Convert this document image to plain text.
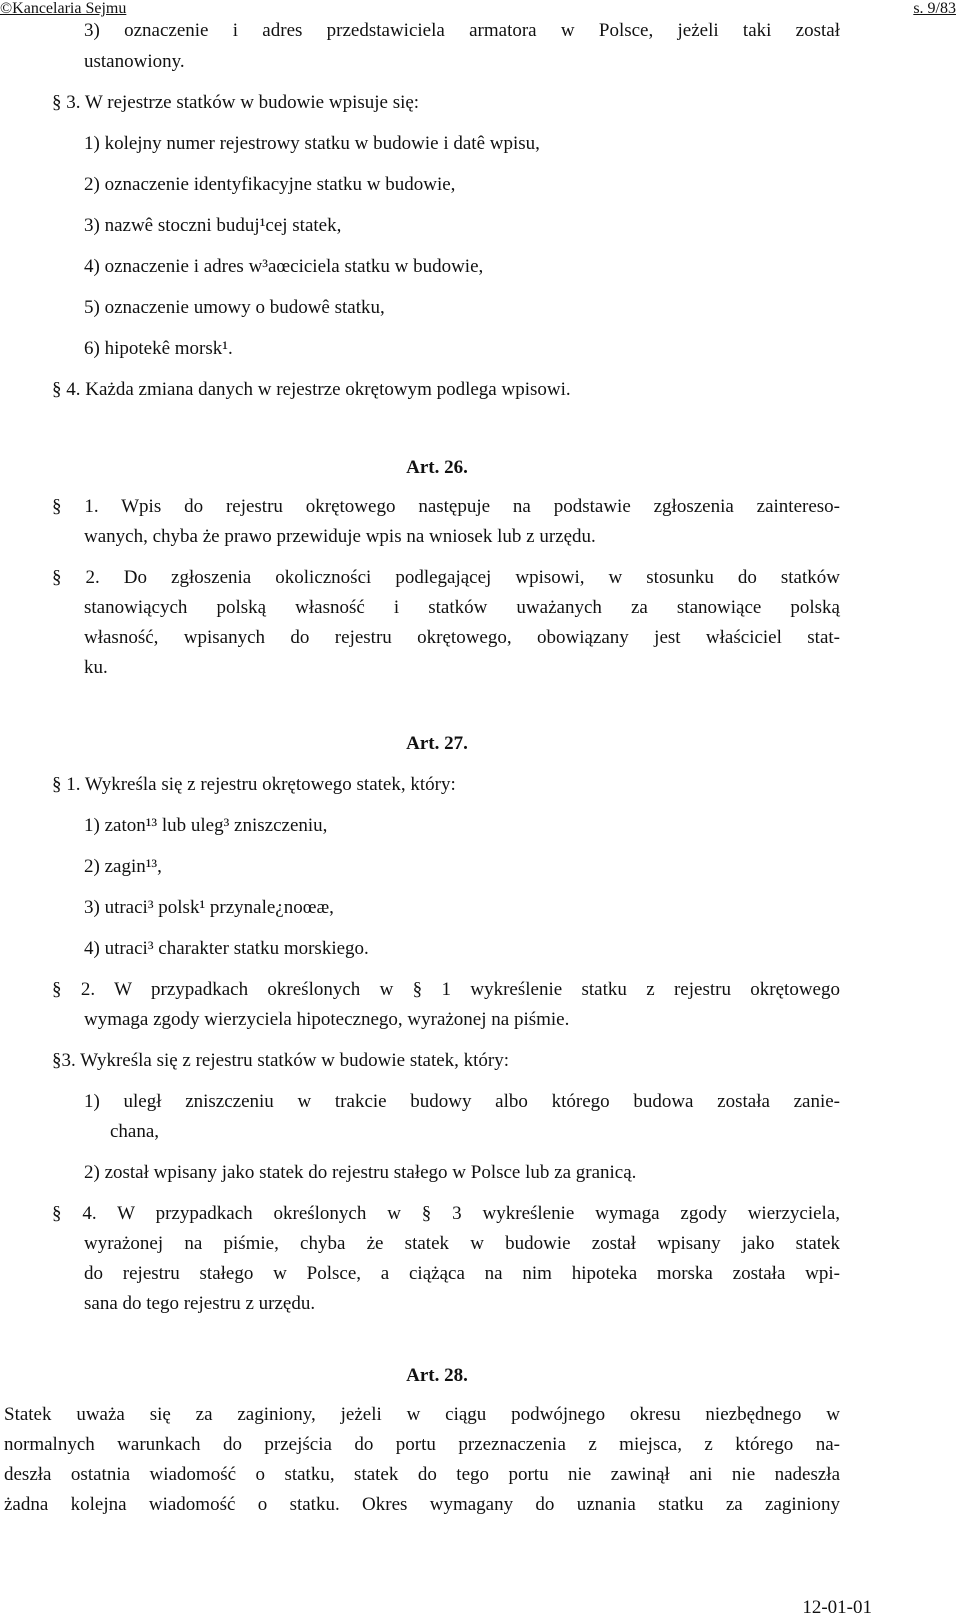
©Kancelaria Sejmu	s. 9/83
3) oznaczenie i adres przedstawiciela armatora w Polsce, jeżeli taki został
ustanowiony.
§ 3. W rejestrze statków w budowie wpisuje się:
1) kolejny numer rejestrowy statku w budowie i datê wpisu,
2) oznaczenie identyfikacyjne statku w budowie,
3) nazwê stoczni buduj¹cej statek,
4) oznaczenie i adres w³aœciciela statku w budowie,
5) oznaczenie umowy o budowê statku,
6) hipotekê morsk¹.
§ 4. Każda zmiana danych w rejestrze okrętowym podlega wpisowi.
Art. 26.
§ 1. Wpis do rejestru okrętowego następuje na podstawie zgłoszenia zaintereso-
wanych, chyba że prawo przewiduje wpis na wniosek lub z urzędu.
§ 2. Do zgłoszenia okoliczności podlegającej wpisowi, w stosunku do statków
stanowiących polską własność i statków uważanych za stanowiące polską
własność, wpisanych do rejestru okrętowego, obowiązany jest właściciel stat-
ku.
Art. 27.
§ 1. Wykreśla się z rejestru okrętowego statek, który:
1) zaton¹³ lub uleg³ zniszczeniu,
2) zagin¹³,
3) utraci³ polsk¹ przynale¿noœæ,
4) utraci³ charakter statku morskiego.
§ 2. W przypadkach określonych w § 1 wykreślenie statku z rejestru okrętowego
wymaga zgody wierzyciela hipotecznego, wyrażonej na piśmie.
§3. Wykreśla się z rejestru statków w budowie statek, który:
1) uległ zniszczeniu w trakcie budowy albo którego budowa została zanie-
chana,
2) został wpisany jako statek do rejestru stałego w Polsce lub za granicą.
§ 4. W przypadkach określonych w § 3 wykreślenie wymaga zgody wierzyciela,
wyrażonej na piśmie, chyba że statek w budowie został wpisany jako statek
do rejestru stałego w Polsce, a ciążąca na nim hipoteka morska została wpi-
sana do tego rejestru z urzędu.
Art. 28.
Statek uważa się za zaginiony, jeżeli w ciągu podwójnego okresu niezbędnego w
normalnych warunkach do przejścia do portu przeznaczenia z miejsca, z którego na-
deszła ostatnia wiadomość o statku, statek do tego portu nie zawinął ani nie nadeszła
żadna kolejna wiadomość o statku. Okres wymagany do uznania statku za zaginiony
12-01-01
